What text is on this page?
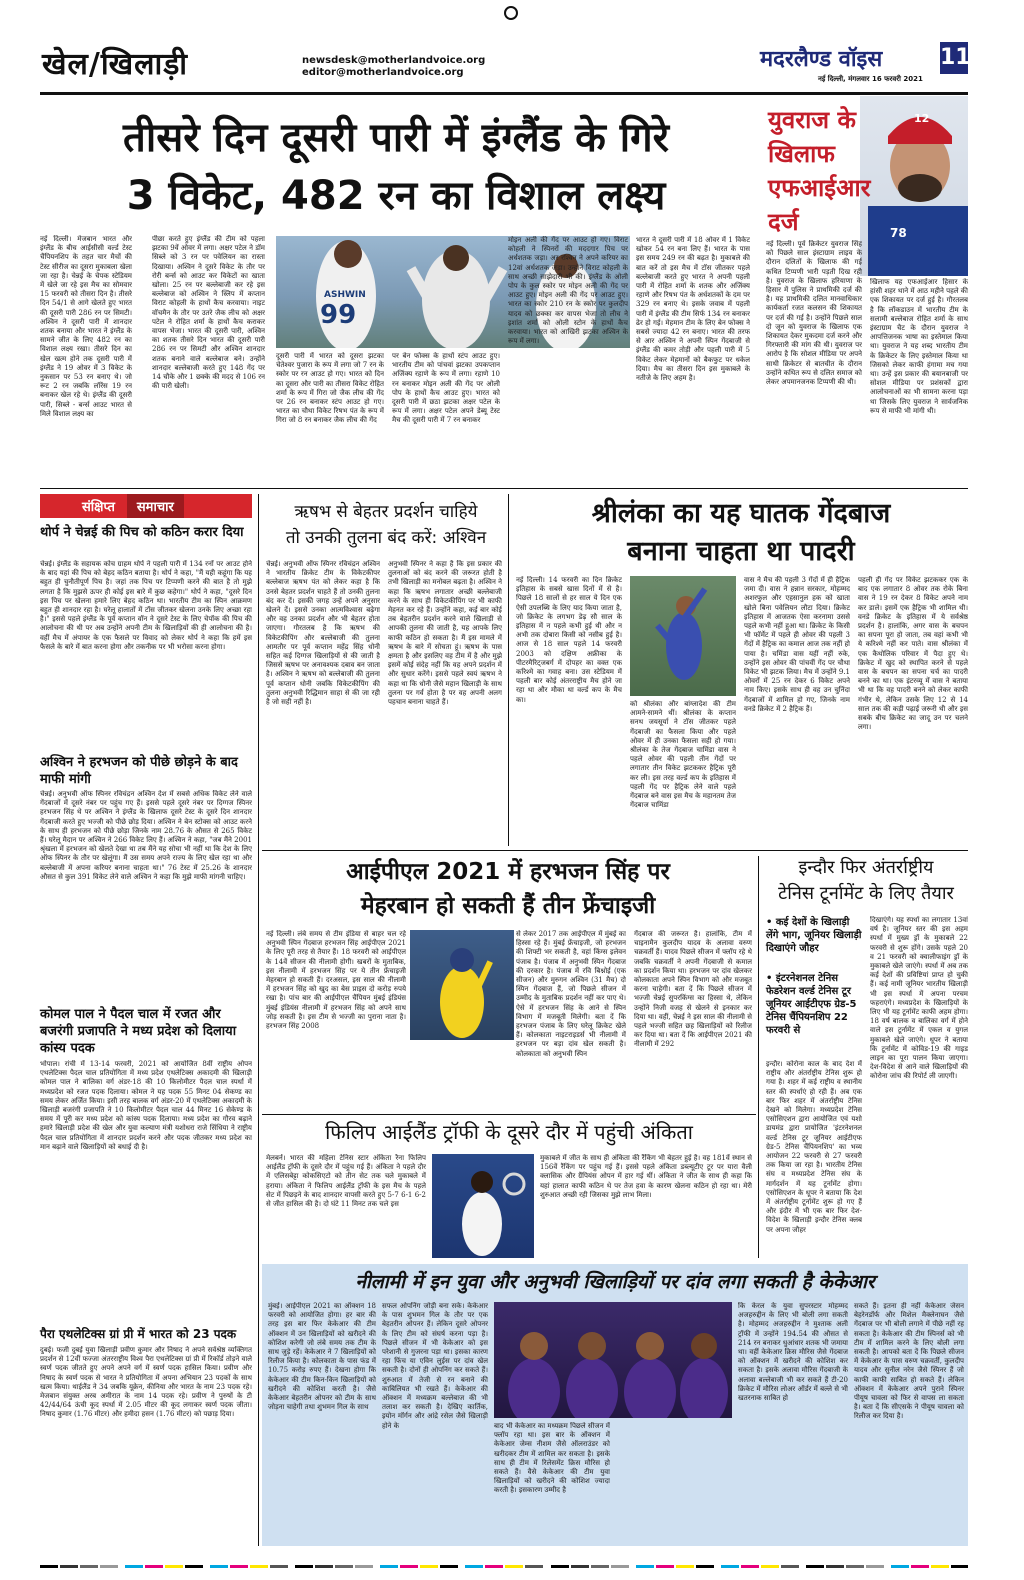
खेल/खिलाड़ी	newsdesk@motherlandvoice.org
editor@motherlandvoice.org
मदरलैण्ड वॉइस	11
नई दिल्ली, मंगलवार 16 फरवरी 2021
तीसरे दिन दूसरी पारी में इंग्लैंड के गिरे
3 विकेट, 482 रन का विशाल लक्ष्य
नई दिल्ली। मेजबान भारत और इंग्लैंड के बीच आईसीसी वर्ल्ड टेस्ट चैंपियनशिप के तहत चार मैचों की टेस्ट सीरीज का दूसरा मुकाबला खेला जा रहा है। चेन्नई के चेपक स्टेडियम में खेले जा रहे इस मैच का सोमवार 15 फरवरी को तीसरा दिन है। तीसरे दिन 54/1 से आगे खेलते हुए भारत की दूसरी पारी 286 रन पर सिमटी। अश्विन ने दूसरी पारी में शानदार शतक बनाया और भारत ने इंग्लैंड के सामने जीत के लिए 482 रन का विशाल लक्ष्य रखा। तीसरे दिन का खेल खत्म होने तक दूसरी पारी में इंग्लैंड ने 19 ओवर में 3 विकेट के नुकसान पर 53 रन बनाए थे। जो रूट 2 रन जबकि लॉरेंस 19 रन बनाकर खेल रहे थे। इंग्लैंड की दूसरी पारी, सिब्ले - बर्न्स आउट भारत से मिले विशाल लक्ष्य का
पीछा करते हुए इंग्लैंड की टीम को पहला झटका 9वें ओवर में लगा। अक्षर पटेल ने डॉम सिब्ले को 3 रन पर पवेलियन का रास्ता दिखाया। अश्विन ने दूसरे विकेट के तौर पर रोरी बर्न्स को आउट कर विकेटों का खाता खोला। 25 रन पर बल्लेबाजी कर रहे इस बल्लेबाज को अश्विन ने स्लिप में कप्तान विराट कोहली के हाथों कैच करवाया। नाइट वॉचमैन के तौर पर उतरे जैक लीच को अक्षर पटेल ने रोहित शर्मा के हाथों कैच कराकर वापस भेजा। भारत की दूसरी पारी, अश्विन का शतक तीसरे दिन भारत की दूसरी पारी 286 रन पर सिमटी और अश्विन शानदार शतक बनाने वाले बल्लेबाज बने। उन्होंने शानदार बल्लेबाजी करते हुए 148 गेंद पर 14 चौके और 1 छक्के की मदद से 106 रन की पारी खेली।
ASHWIN
99
दूसरी पारी में भारत को दूसरा झटका चेतेश्वर पुजारा के रूप में लगा जो 7 रन के स्कोर पर रन आउट हो गए। भारत को दिन का दूसरा और पारी का तीसरा विकेट रोहित शर्मा के रूप में गिरा जो जैक लीच की गेंद पर 26 रन बनाकर स्टंप आउट हो गए। भारत का चौथा विकेट रिषभ पंत के रूप में गिरा जो 8 रन बनाकर जैक लीच की गेंद
पर बेन फोक्स के हाथों स्टंप आउट हुए। भारतीय टीम को पांचवां झटका उपकप्तान अजिंक्य रहाणे के रूप में लगा। रहाणे 10 रन बनाकर मोइन अली की गेंद पर ओली पोप के हाथों कैच आउट हुए। भारत को दूसरी पारी में छठा झटका अक्षर पटेल के रूप में लगा। अक्षर पटेल अपने डेब्यू टेस्ट मैच की दूसरी पारी में 7 रन बनाकर
मोइन अली की गेंद पर आउट हो गए। विराट कोहली ने स्पिनरों की मददगार पिच पर अर्धशतक जड़ा। अर रश्विन ने अपने करियर का 12वां अर्धशतक जड़ा। उन्होंने विराट कोहली के साथ अच्छी साझेदारी भी की। इंग्लैंड के ओली पोप के कुल स्कोर पर मोइन अली की गेंद पर आउट हुए। मोइन अली की गेंद पर आउट हुए। भारत का स्कोर 210 रन के स्कोर पर कुलदीप यादव को छक्का कर वापस भेजा तो लीच ने इशांत शर्मा को ओली स्टोन के हाथों कैच करवाया। भारत को आखिरी झटका अश्विन के रूप में लगा।
भारत ने दूसरी पारी में 18 ओवर में 1 विकेट खोकर 54 रन बना लिए हैं। भारत के पास इस समय 249 रन की बढ़त है। मुकाबले की बात करें तो इस मैच में टॉस जीतकर पहले बल्लेबाजी करते हुए भारत ने अपनी पहली पारी में रोहित शर्मा के शतक और अजिंक्य रहाणे और रिषभ पंत के अर्धशतकों के दम पर 329 रन बनाए थे। इसके जवाब में पहली पारी में इंग्लैंड की टीम सिर्फ 134 रन बनाकर ढेर हो गई। मेहमान टीम के लिए बेन फोक्स ने सबसे ज्यादा 42 रन बनाए। भारत की तरफ से आर अश्विन ने अपनी स्पिन गेंदबाजी से इंग्लैंड की कमर तोड़ी और पहली पारी में 5 विकेट लेकर मेहमानों को बैकफुट पर धकेल दिया। मैच का तीसरा दिन इस मुकाबले के नतीजे के लिए अहम है।
12
78
युवराज के
खिलाफ
एफआईआर
दर्ज
नई दिल्ली। पूर्व क्रिकेटर युवराज सिंह को पिछले साल इंस्टाग्राम लाइव के दौरान दलितों के खिलाफ की गई कथित टिप्पणी भारी पड़ती दिख रही है। युवराज के खिलाफ हरियाणा के हिसार में पुलिस ने प्राथमिकी दर्ज की है। यह प्राथमिकी दलित मानवाधिकार कार्यकर्ता रजत कलसन की शिकायत पर दर्ज की गई है। उन्होंने पिछले साल दो जून को युवराज के खिलाफ एक शिकायत देकर मुकदमा दर्ज करने और गिरफ्तारी की मांग की थी। युवराज पर आरोप है कि सोशल मीडिया पर अपने साथी क्रिकेटर से बातचीत के दौरान उन्होंने कथित रूप से दलित समाज को लेकर अपमानजनक टिप्पणी की थी।
खिलाफ यह एफआईआर हिसार के हांसी शहर थाने में आठ महीने पहले की एक शिकायत पर दर्ज हुई है। गौरतलब है कि लॉकडाउन में भारतीय टीम के सलामी बल्लेबाज रोहित शर्मा के साथ इंस्टाग्राम चैट के दौरान युवराज ने आपत्तिजनक भाषा का इस्तेमाल किया था। युवराज ने यह शब्द भारतीय टीम के क्रिकेटर के लिए इस्तेमाल किया था जिसको लेकर काफी हंगामा मच गया था। उन्हें इस प्रकार की बयानबाजी पर सोशल मीडिया पर प्रशंसकों द्वारा आलोचनाओं का भी सामना करना पड़ा था जिसके लिए युवराज ने सार्वजनिक रूप से माफी भी मांगी थी।
संक्षिप्त	समाचार
थोर्प ने चेन्नई की पिच को कठिन करार दिया
चेन्नई। इंग्लैंड के सहायक कोच ग्राहम थोर्प ने पहली पारी में 134 रनों पर आउट होने के बाद यहां की पिच को बेहद कठिन बताया है। थोर्प ने कहा, "मैं यही कहूंगा कि यह बहुत ही चुनौतीपूर्ण पिच है। जहां तक पिच पर टिप्पणी करने की बात है तो मुझे लगता है कि मुझसे ऊपर ही कोई इस बारे में कुछ कहेगा।" थोर्प ने कहा, "दूसरे दिन इस पिच पर खेलना हमारे लिए बेहद कठिन था। भारतीय टीम का स्पिन आक्रमण बहुत ही शानदार रहा है। घरेलू हालातों में टॉस जीतकर खेलना उनके लिए अच्छा रहा है।" इससे पहले इंग्लैंड के पूर्व कप्तान वॉन ने दूसरे टेस्ट के लिए चेपॉक की पिच की आलोचना की थी पर अब उन्होंने अपनी टीम के खिलाड़ियों की ही आलोचना की है। वहीं मैच में अंपायर के एक फैसले पर विवाद को लेकर थोर्प ने कहा कि हमें इस फैसले के बारे में बात करना होगा और तकनीक पर भी भरोसा करना होगा।
अश्विन ने हरभजन को पीछे छोड़ने के बाद माफी मांगी
चेन्नई। अनुभवी ऑफ स्पिनर रविचंद्रन अश्विन देश में सबसे अधिक विकेट लेने वाले गेंदबाजों में दूसरे नंबर पर पहुंच गए हैं। इससे पहले दूसरे नंबर पर दिग्गज स्पिनर हरभजन सिंह थे पर अश्विन ने इंग्लैंड के खिलाफ दूसरे टेस्ट के दूसरे दिन शानदार गेंदबाजी करते हुए भज्जी को पीछे छोड़ दिया। अश्विन ने बेन स्टोक्स को आउट करने के साथ ही हरभजन को पीछे छोड़ा जिनके नाम 28.76 के औसत से 265 विकेट हैं। घरेलू मैदान पर अश्विन ने 266 विकेट लिए हैं। अश्विन ने कहा, "जब मैंने 2001 श्रृंखला में हरभजन को खेलते देखा था तब मैंने यह सोचा भी नहीं था कि देश के लिए ऑफ स्पिनर के तौर पर खेलूंगा। मैं उस समय अपने राज्य के लिए खेल रहा था और बल्लेबाजी में अपना करियर बनाना चाहता था।" 76 टेस्ट में 25.26 के शानदार औसत से कुल 391 विकेट लेने वाले अश्विन ने कहा कि मुझे माफी मांगनी चाहिए।
कोमल पाल ने पैदल चाल में रजत और बजरंगी प्रजापति ने मध्य प्रदेश को दिलाया कांस्य पदक
भोपाल। रांची में 13-14 फरवरी, 2021 को आयोजित 8वीं राष्ट्रीय ओपन एथलेटिक्स पैदल चाल प्रतियोगिता में मध्य प्रदेश एथलेटिक्स अकादमी की खिलाड़ी कोमल पाल ने बालिका वर्ग अंडर-18 की 10 किलोमीटर पैदल चाल स्पर्धा में मध्यप्रदेश को रजत पदक दिलाया। कोमल ने यह पदक 55 मिनट 04 सेकण्ड का समय लेकर अर्जित किया। इसी तरह बालक वर्ग अंडर-20 में एथलेटिक्स अकादमी के खिलाड़ी बजरंगी प्रजापति ने 10 किलोमीटर पैदल चाल 44 मिनट 16 सेकेण्ड के समय में पूरी कर मध्य प्रदेश को कांस्य पदक दिलाया। मध्य प्रदेश का गौरव बढ़ाने हमारे खिलाड़ी प्रदेश की खेल और युवा कल्याण मंत्री यशोधरा राजे सिंधिया ने राष्ट्रीय पैदल चाल प्रतियोगिता में शानदार प्रदर्शन करने और पदक जीतकर मध्य प्रदेश का मान बढ़ाने वाले खिलाड़ियों को बधाई दी है।
पैरा एथलेटिक्स ग्रां प्री में भारत को 23 पदक
दुबई। फजी दुबई युवा खिलाड़ी प्रवीण कुमार और निषाद ने अपने सर्वश्रेष्ठ व्यक्तिगत प्रदर्शन से 12वीं फज्जा अंतरराष्ट्रीय विश्व पैरा एथलेटिक्स ग्रां प्री में रिकॉर्ड तोड़ने वाले स्वर्ण पदक जीतते हुए अपने अपने वर्ग में स्वर्ण पदक हासिल किया। प्रवीण और निषाद के स्वर्ण पदक से भारत ने प्रतियोगिता में अपना अभियान 23 पदकों के साथ खत्म किया। थाईलैंड ने 34 जबकि यूक्रेन, कीनिया और भारत के नाम 23 पदक रहे। मेजबान संयुक्त अरब अमीरात के नाम 14 पदक रहे। प्रवीण ने पुरुषों के टी 42/44/64 ऊंची कूद स्पर्धा में 2.05 मीटर की कूद लगाकर स्वर्ण पदक जीता। निषाद कुमार (1.76 मीटर) और हमीदा हसन (1.76 मीटर) को पछाड़ दिया।
ऋषभ से बेहतर प्रदर्शन चाहिये
तो उनकी तुलना बंद करें: अश्विन
चेन्नई। अनुभवी ऑफ स्पिनर रविचंद्रन अश्विन ने भारतीय क्रिकेट टीम के विकेटकीपर बल्लेबाज ऋषभ पंत को लेकर कहा है कि उनसे बेहतर प्रदर्शन चाहते हैं तो उनकी तुलना बंद कर दें। इसकी जगह उन्हें अपने अनुसार खेलने दें। इससे उनका आत्मविश्वास बढ़ेगा और वह उनका प्रदर्शन और भी बेहतर होता जाएगा। गौरतलब है कि ऋषभ की विकेटकीपिंग और बल्लेबाजी की तुलना आमतौर पर पूर्व कप्तान महेंद्र सिंह धोनी सहित कई दिग्गज खिलाड़ियों से की जाती है जिससे ऋषभ पर अनावश्यक दबाव बन जाता है। अश्विन ने ऋषभ को बल्लेबाजी की तुलना पूर्व कप्तान धोनी जबकि विकेटकीपिंग की तुलना अनुभवी रिद्धिमान साहा से की जा रही है जो सही नहीं है।
अनुभवी स्पिनर ने कहा है कि इस प्रकार की तुलनाओं को बंद करने की जरूरत होती है तभी खिलाड़ी का मनोबल बढ़ता है। अश्विन ने कहा कि ऋषभ लगातार अच्छी बल्लेबाजी करने के साथ ही विकेटकीपिंग पर भी काफी मेहनत कर रहे हैं। उन्होंने कहा, कई बार कोई तब बेहतरीन प्रदर्शन करने वाले खिलाड़ी से आपकी तुलना की जाती है, यह आपके लिए काफी कठिन हो सकता है। मैं इस मामले में ऋषभ के बारे में सोचता हूं। ऋषभ के पास क्षमता है और इसलिए वह टीम में है और मुझे इसमें कोई संदेह नहीं कि वह अपने प्रदर्शन में और सुधार करेंगे। इससे पहले स्वयं ऋषभ ने कहा था कि धोनी जैसे महान खिलाड़ी के साथ तुलना पर गर्व होता है पर वह अपनी अलग पहचान बनाना चाहते हैं।
श्रीलंका का यह घातक गेंदबाज
बनाना चाहता था पादरी
नई दिल्ली। 14 फरवरी का दिन क्रिकेट इतिहास के सबसे खास दिनों में से है। पिछले 18 सालों से हर साल ये दिन एक ऐसी उपलब्धि के लिए याद किया जाता है, जो क्रिकेट के लगभग डेढ़ सौ साल के इतिहास में न पहले कभी हुई थी और न अभी तक दोबारा किसी को नसीब हुई है। आज से 18 साल पहले 14 फरवरी 2003 को दक्षिण अफ्रीका के पीटरमैरिट्जबर्ग में दोपहर का वक्त एक करिश्मे का गवाह बना। उस स्टेडियम में पहली बार कोई अंतरराष्ट्रीय मैच होने जा रहा था और मौका था वर्ल्ड कप के मैच का।
को श्रीलंका और बांग्लादेश की टीम आमने-सामने थीं। श्रीलंका के कप्तान सनथ जयसूर्या ने टॉस जीतकर पहले गेंदबाजी का फैसला किया और पहले ओवर में ही उनका फैसला सही हो गया। श्रीलंका के तेज गेंदबाज चामिंडा वास ने पहले ओवर की पहली तीन गेंदों पर लगातार तीन विकेट झटककर हैट्रिक पूरी कर ली। इस तरह वर्ल्ड कप के इतिहास में पहली गेंद पर हैट्रिक लेने वाले पहले गेंदबाज बने वास इस मैच के महानतम तेज गेंदबाज चामिंडा
वास ने मैच की पहली 3 गेंदों में ही हैट्रिक जमा दी। वास ने हन्नान सरकार, मोहम्मद अशरफुल और एहसानुल हक को खाता खोले बिना पवेलियन लौटा दिया। क्रिकेट इतिहास में आजतक ऐसा करनामा उससे पहले कभी नहीं हुआ था। क्रिकेट के किसी भी फॉर्मेट में पहले ही ओवर की पहली 3 गेंदों में हैट्रिक का कमाल आज तक नहीं हो पाया है। चमिंडा वास यहीं नहीं रुके, उन्होंने इस ओवर की पांचवीं गेंद पर चौथा विकेट भी झटक लिया। मैच में उन्होंने 9.1 ओवरों में 25 रन देकर 6 विकेट अपने नाम किए। इसके साथ ही वह उन चुनिंदा गेंदबाजों में शामिल हो गए, जिनके नाम वनडे क्रिकेट में 2 हैट्रिक हैं।
पहली ही गेंद पर विकेट झटककर एक के बाद एक लगातार 8 ओवर तक रोके बिना वास ने 19 रन देकर 8 विकेट अपने नाम कर डाले। इसमें एक हैट्रिक भी शामिल थी। वनडे क्रिकेट के इतिहास में ये सर्वश्रेष्ठ प्रदर्शन है। हालांकि, अगर वास के बचपन का सपना पूरा हो जाता, तब वहां कभी भी ये करिश्मे नहीं कर पाते। वास श्रीलंका में एक कैथोलिक परिवार में पैदा हुए थे। क्रिकेट में खुद को स्थापित करने से पहले वास के बचपन का सपना चर्च का पादरी बनने का था। एक इंटरव्यू में वास ने बताया भी था कि वह पादरी बनने को लेकर काफी गंभीर थे, लेकिन उसके लिए 12 से 14 साल तक की कड़ी पढ़ाई जरूरी थी और इस सबके बीच क्रिकेट का जादू उन पर चलने लगा।
आईपीएल 2021 में हरभजन सिंह पर
मेहरबान हो सकती हैं तीन फ्रेंचाइजी
नई दिल्ली। लंबे समय से टीम इंडिया से बाहर चल रहे अनुभवी स्पिन गेंदबाज हरभजन सिंह आईपीएल 2021 के लिए पूरी तरह से तैयार हैं। 18 फरवरी को आईपीएल के 14वें सीजन की नीलामी होगी। खबरों के मुताबिक, इस नीलामी में हरभजन सिंह पर ये तीन फ्रेंचाइजी मेहरबान हो सकती हैं। दरअसल, इस साल की नीलामी में हरभजन सिंह को खुद का बेस प्राइस दो करोड़ रुपये रखा है। पांच बार की आईपीएल चैंपियन मुंबई इंडियंस मुंबई इंडियंस नीलामी में हरभजन सिंह को अपने साथ जोड़ सकती है। इस टीम से भज्जी का पुराना नाता है। हरभजन सिंह 2008
से लेकर 2017 तक आईपीएल में मुंबई का हिस्सा रहे हैं। मुंबई फ्रेंचाइजी, जो हरभजन की शिफ्टी भर सकती है, वहां किंग्स इलेवन पंजाब है। पंजाब में अनुभवी स्पिन गेंदबाज की दरकार है। पंजाब में रवि बिश्नोई (एक सीजन) और मुरुगन अश्विन (31 मैच) दो स्पिन गेंदबाज हैं, जो पिछले सीजन में उम्मीद के मुताबिक प्रदर्शन नहीं कर पाए थे। ऐसे में हरभजन सिंह के आने से स्पिन विभाग में मजबूती मिलेगी। बता दें कि हरभजन पंजाब के लिए घरेलू क्रिकेट खेले हैं। कोलकाता नाइटराइडर्स भी नीलामी में हरभजन पर बड़ा दांव खेल सकती है। कोलकाता को अनुभवी स्पिन
गेंदबाज की जरूरत है। हालांकि, टीम में चाइनामैन कुलदीप यादव के अलावा वरुण चक्रवर्ती हैं। यादव पिछले सीजन में फ्लॉप रहे थे जबकि चक्रवर्ती ने अपनी गेंदबाजी से कमाल का प्रदर्शन किया था। हरभजन पर दांव खेलकर कोलकाता अपने स्पिन विभाग को और मजबूत करना चाहेगी। बता दें कि पिछले सीजन में भज्जी चेन्नई सुपरकिंग्स का हिस्सा थे, लेकिन उन्होंने निजी वजह से खेलने से इनकार कर दिया था। वहीं, चेन्नई ने इस साल की नीलामी से पहले भज्जी सहित छह खिलाड़ियों को रिलीज कर दिया था। बता दें कि आईपीएल 2021 की नीलामी में 292
इन्दौर फिर अंतर्राष्ट्रीय
टेनिस टूर्नामेंट के लिए तैयार
• कई देशों के खिलाड़ी लेंगे भाग, जूनियर खिलाड़ी दिखाएंगे जौहर
• इंटरनेशनल टेनिस फेडरेशन वर्ल्ड टेनिस टूर जूनियर आईटीएफ ग्रेड-5 टेनिस चैंपियनशिप 22 फरवरी से
इन्दौर। कोरोना काल के बाद देश में राष्ट्रीय और अंतर्राष्ट्रीय टेनिस शुरू हो गया है। शहर में कई राष्ट्रीय व स्थानीय स्तर की स्पर्धाएं हो रही हैं। अब एक बार फिर शहर में अंतर्राष्ट्रीय टेनिस देखने को मिलेगा। मध्यप्रदेश टेनिस एसोसिएशन द्वारा आयोजित एवं यशो डायमंड द्वारा प्रायोजित 'इंटरनेशनल वर्ल्ड टेनिस टूर जूनियर आईटीएफ ग्रेड-5 टेनिस चैंपियनशिप' का भव्य आयोजन 22 फरवरी से 27 फरवरी तक किया जा रहा है। भारतीय टेनिस संघ व मध्यप्रदेश टेनिस संघ के मार्गदर्शन में यह टूर्नामेंट होगा। एसोसिएशन के धूपर ने बताया कि देश में अंतर्राष्ट्रीय टूर्नामेंट शुरू हो गए हैं और इंदौर में भी एक बार फिर देश-विदेश के खिलाड़ी इन्दौर टेनिस क्लब पर अपना जौहर
दिखाएंगे। यह स्पर्धा का लगातार 13वां वर्ष है। जूनियर स्तर की इस अहम स्पर्धा में मुख्य ड्रॉ के मुकाबले 22 फरवरी से शुरू होंगे। उसके पहले 20 व 21 फरवरी को क्वालीफाइंग ड्रॉ के मुकाबले खेले जाएंगे। स्पर्धा में अब तक कई देशों की प्रविष्टियां प्राप्त हो चुकी हैं। कई नामी जूनियर भारतीय खिलाड़ी भी इस स्पर्धा में अपना परचम फहराएंगे। मध्यप्रदेश के खिलाड़ियों के लिए भी यह टूर्नामेंट काफी अहम होगा। 18 वर्ष बालक व बालिका वर्ग में होने वाले इस टूर्नामेंट में एकल व युगल मुकाबले खेले जाएंगे। धूपर ने बताया कि टूर्नामेंट में कोविड-19 की गाइड लाइन का पूरा पालन किया जाएगा। देश-विदेश से आने वाले खिलाड़ियों की कोरोना जांच की रिपोर्ट ली जाएगी।
फिलिप आईलैंड ट्रॉफी के दूसरे दौर में पहुंची अंकिता
मेलबर्न। भारत की महिला टेनिस स्टार अंकिता रैना फिलिप आईलैंड ट्रॉफी के दूसरे दौर में पहुंच गई हैं। अंकिता ने पहले दौर में एलिसबेट्टा कोकसिएटो को तीन सेट तक चले मुकाबले में हराया। अंकिता ने फिलिप आईलैंड ट्रॉफी के इस मैच के पहले सेट में पिछड़ने के बाद शानदार वापसी करते हुए 5-7 6-1 6-2 से जीत हासिल की है। दो घंटे 11 मिनट तक चले इस
मुकाबले में जीत के साथ ही अंकिता की रैंकिंग भी बेहतर हुई है। वह 181वें स्थान से 156वें रैंकिंग पर पहुंच गई हैं। इससे पहले अंकिता डब्ल्यूटीए टूर पर यारा वैली क्लासिक और ग्रैंपियंस ओपन में हार गई थीं। अंकिता ने जीत के साथ ही कहा कि यहां हालात काफी कठिन थे पर तेज हवा के कारण खेलना कठिन हो रहा था। मेरी शुरुआत अच्छी रही जिसका मुझे लाभ मिला।
नीलामी में इन युवा और अनुभवी खिलाड़ियों पर दांव लगा सकती है केकेआर
मुंबई। आईपीएल 2021 का ऑक्शन 18 फरवरी को आयोजित होगा। हर बार की तरह इस बार फिर केकेआर की टीम ऑक्शन में उन खिलाड़ियों को खरीदने की कोशिश करेगी जो लंबे समय तक टीम के साथ जुड़े रहें। केकेआर ने 7 खिलाड़ियों को रिलीज किया है। कोलकाता के पास फंड में 10.75 करोड़ रुपए हैं। देखना होगा कि केकेआर की टीम किन-किन खिलाड़ियों को खरीदने की कोशिश करती है। जैसे केकेआर बेहतरीन ओपनर को टीम के साथ जोड़ना चाहेगी तथा शुभमन गिल के साथ
सफल ओपनिंग जोड़ी बना सके। केकेआर के पास शुभमन गिल के तौर पर एक बेहतरीन ओपनर हैं। लेकिन दूसरे ओपनर के लिए टीम को संघर्ष करना पड़ा है। पिछले सीजन में भी केकेआर को इस परेशानी से गुजरना पड़ा था। इसका कारण रहा फिंच या एविन लुईस पर दांव खेल सकती है। दोनों ही ओपनिंग कर सकते हैं। शुरुआत में तेजी से रन बनाने की काबिलियत भी रखते हैं। केकेआर की ऑक्शन में मध्यक्रम बल्लेबाज की भी तलाश कर सकती है। देखिए कार्तिक, इयोन मॉर्गन और आंद्रे रसेल जैसे खिलाड़ी होने के	बाद भी केकेआर का मध्यक्रम पिछले सीजन में फ्लॉप रहा था। इस बार के ऑक्शन में केकेआर जेम्स नीशम जैसे ऑलराउंडर को खरीदकर टीम में शामिल कर सकता है। इसके साथ ही टीम में रिलेसमेंट क्रिस मौरिस हो सकते हैं। वैसे केकेआर की टीम युवा खिलाड़ियों को खरीदने की कोशिश ज्यादा करती है। इसकारण उम्मीद है
कि केरल के युवा सुपरस्टार मोहम्मद अजहरुद्दीन के लिए भी बोली लगा सकती है। मोहम्मद अजहरुद्दीन ने मुश्ताक अली ट्रॉफी में उन्होंने 194.54 की औसत से 214 रन बनाकर धुआंधार शतक भी जमाया था। वहीं केकेआर क्रिस मौरिस जैसे गेंदबाज को ऑक्शन में खरीदने की कोशिश कर सकता है। इसके अलावा मौरिस गेंदबाजी के अलावा बल्लेबाजी भी कर सकते हैं टी-20 क्रिकेट में मौरिस लोअर ऑर्डर में बल्ले से भी खतरनाक साबित हो
सकते हैं। इतना ही नहीं केकेआर जेसन बेहरेनडॉर्फ और मिशेल मैक्लेनाघन जैसे गेंदबाज पर भी बोली लगाने में पीछे नहीं रह सकता है। केकेआर की टीम स्पिनर्स को भी टीम में शामिल करने के लिए बोली लगा सकती है। आपको बता दें कि पिछले सीजन में केकेआर के पास वरुण चक्रवर्ती, कुलदीप यादव और सुनील नरेन जैसे स्पिनर हैं जो काफी काफी साबित हो सकते हैं। लेकिन ऑक्शन में केकेआर अपने पुराने स्पिनर पीयूष चावला को फिर से वापस ला सकता है। बता दें कि सीएसके ने पीयूष चावला को रिलीज कर दिया है।
